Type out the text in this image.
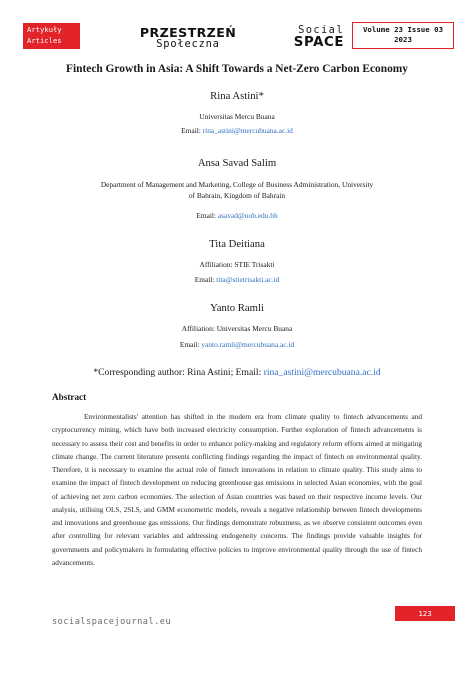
Artykuły
Articles	PRZESTRZEŃ
Społeczna
Social
SPACE
Volume 23 Issue 03
2023
Fintech Growth in Asia: A Shift Towards a Net-Zero Carbon Economy
Rina Astini*
Universitas Mercu Buana
Email: rina_astini@mercubuana.ac.id
Ansa Savad Salim
Department of Management and Marketing, College of Business Administration, University
of Bahrain, Kingdom of Bahrain
Email: asavad@uob.edu.bh
Tita Deitiana
Affiliation: STIE Trisakti
Email: tita@stietrisakti.ac.id
Yanto Ramli
Affiliation: Universitas Mercu Buana
Email: yanto.ramli@mercubuana.ac.id
*Corresponding author: Rina Astini; Email: rina_astini@mercubuana.ac.id
Abstract

Environmentalists' attention has shifted in the modern era from climate quality to fintech advancements and cryptocurrency mining, which have both increased electricity consumption. Further exploration of fintech advancements is necessary to assess their cost and benefits in order to enhance policy-making and regulatory reform efforts aimed at mitigating climate change. The current literature presents conflicting findings regarding the impact of fintech on environmental quality. Therefore, it is necessary to examine the actual role of fintech innovations in relation to climate quality. This study aims to examine the impact of fintech development on reducing greenhouse gas emissions in selected Asian economies, with the goal of achieving net zero carbon economies. The selection of Asian countries was based on their respective income levels. Our analysis, utilising OLS, 2SLS, and GMM econometric models, reveals a negative relationship between fintech developments and innovations and greenhouse gas emissions. Our findings demonstrate robustness, as we observe consistent outcomes even after controlling for relevant variables and addressing endogeneity concerns. The findings provide valuable insights for governments and policymakers in formulating effective policies to improve environmental quality through the use of fintech advancements.

123
socialspacejournal.eu
